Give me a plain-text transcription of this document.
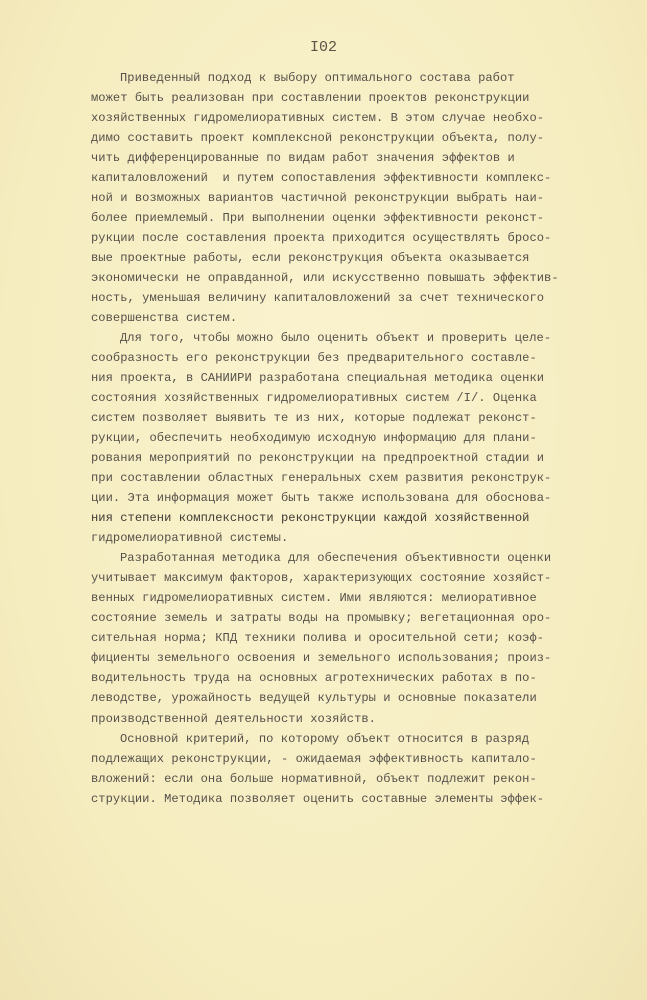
I02
Приведенный подход к выбору оптимального состава работ
может быть реализован при составлении проектов реконструкции
хозяйственных гидромелиоративных систем. В этом случае необхо-
димо составить проект комплексной реконструкции объекта, полу-
чить дифференцированные по видам работ значения эффектов и
капиталовложений  и путем сопоставления эффективности комплекс-
ной и возможных вариантов частичной реконструкции выбрать наи-
более приемлемый. При выполнении оценки эффективности реконст-
рукции после составления проекта приходится осуществлять бросо-
вые проектные работы, если реконструкция объекта оказывается
экономически не оправданной, или искусственно повышать эффектив-
ность, уменьшая величину капиталовложений за счет технического
совершенства систем.
Для того, чтобы можно было оценить объект и проверить целе-
сообразность его реконструкции без предварительного составле-
ния проекта, в САНИИРИ разработана специальная методика оценки
состояния хозяйственных гидромелиоративных систем /I/. Оценка
систем позволяет выявить те из них, которые подлежат реконст-
рукции, обеспечить необходимую исходную информацию для плани-
рования мероприятий по реконструкции на предпроектной стадии и
при составлении областных генеральных схем развития реконструк-
ции. Эта информация может быть также использована для обоснова-
ния степени комплексности реконструкции каждой хозяйственной
гидромелиоративной системы.
Разработанная методика для обеспечения объективности оценки
учитывает максимум факторов, характеризующих состояние хозяйст-
венных гидромелиоративных систем. Ими являются: мелиоративное
состояние земель и затраты воды на промывку; вегетационная оро-
сительная норма; КПД техники полива и оросительной сети; коэф-
фициенты земельного освоения и земельного использования; произ-
водительность труда на основных агротехнических работах в по-
леводстве, урожайность ведущей культуры и основные показатели
производственной деятельности хозяйств.
Основной критерий, по которому объект относится в разряд
подлежащих реконструкции, - ожидаемая эффективность капитало-
вложений: если она больше нормативной, объект подлежит рекон-
струкции. Методика позволяет оценить составные элементы эффек-
